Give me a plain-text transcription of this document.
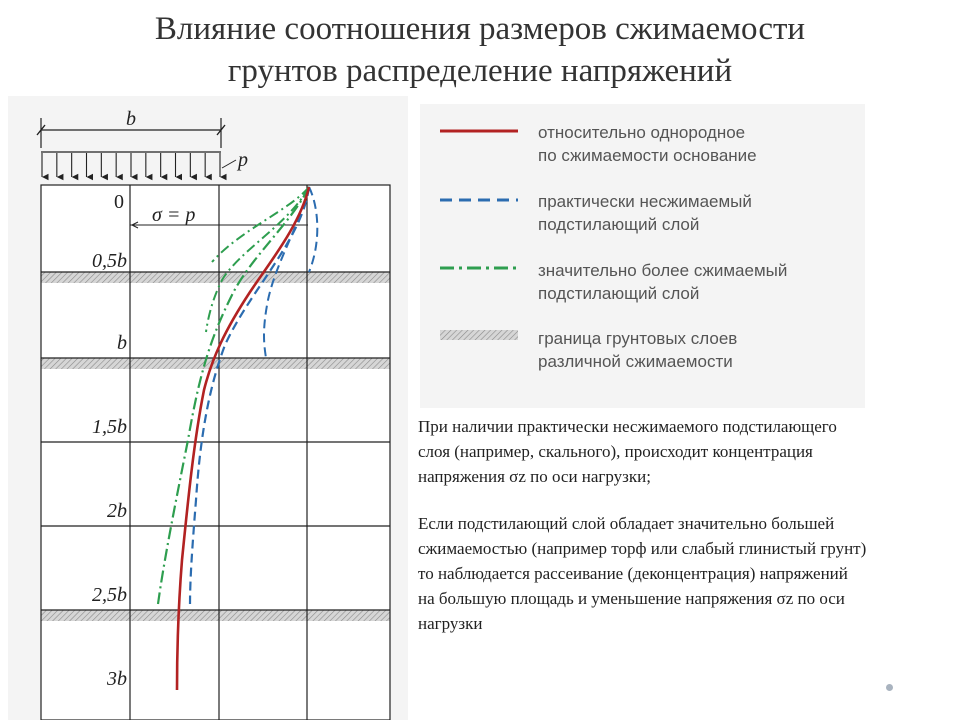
Влияние соотношения размеров сжимаемости
грунтов распределение напряжений
b
p
0
σ = p
0,5b
b
1,5b
2b
2,5b
3b
относительно однородное
по сжимаемости основание
практически несжимаемый
подстилающий слой
значительно более сжимаемый
подстилающий слой
граница грунтовых слоев
различной сжимаемости

При наличии практически несжимаемого подстилающего слоя (например, скального), происходит концентрация напряжения σz по оси нагрузки;

Если подстилающий слой обладает значительно большей сжимаемостью (например торф или слабый глинистый грунт) то наблюдается рассеивание (деконцентрация) напряжений на большую площадь и уменьшение напряжения σz по оси нагрузки
